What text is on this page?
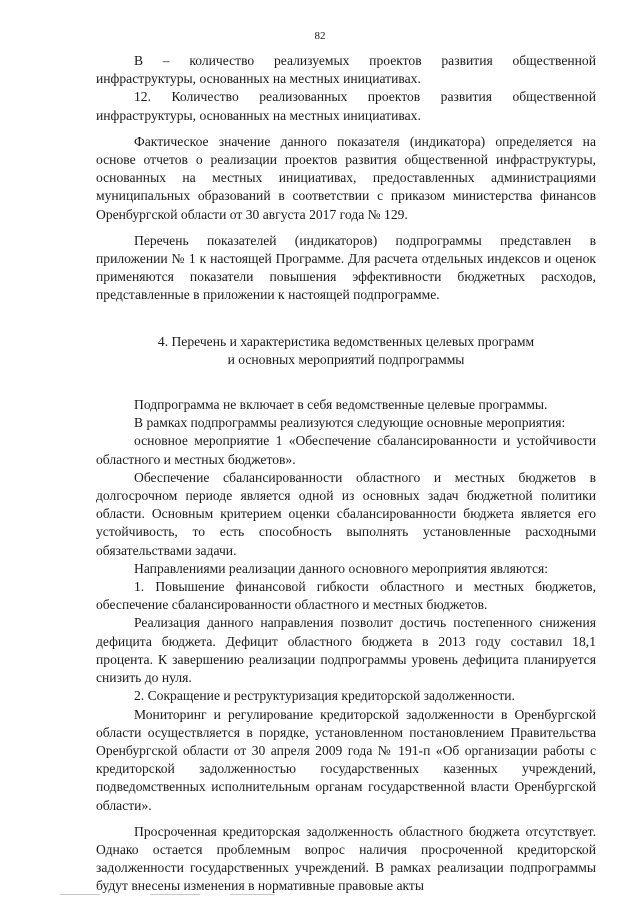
82

В – количество реализуемых проектов развития общественной инфраструктуры, основанных на местных инициативах.

12. Количество реализованных проектов развития общественной инфраструктуры, основанных на местных инициативах.

Фактическое значение данного показателя (индикатора) определяется на основе отчетов о реализации проектов развития общественной инфраструктуры, основанных на местных инициативах, предоставленных администрациями муниципальных образований в соответствии с приказом министерства финансов Оренбургской области от 30 августа 2017 года № 129.

Перечень показателей (индикаторов) подпрограммы представлен в приложении № 1 к настоящей Программе. Для расчета отдельных индексов и оценок применяются показатели повышения эффективности бюджетных расходов, представленные в приложении к настоящей подпрограмме.

4. Перечень и характеристика ведомственных целевых программ
и основных мероприятий подпрограммы

Подпрограмма не включает в себя ведомственные целевые программы.

В рамках подпрограммы реализуются следующие основные мероприятия:

основное мероприятие 1 «Обеспечение сбалансированности и устойчивости областного и местных бюджетов».

Обеспечение сбалансированности областного и местных бюджетов в долгосрочном периоде является одной из основных задач бюджетной политики области. Основным критерием оценки сбалансированности бюджета является его устойчивость, то есть способность выполнять установленные расходными обязательствами задачи.

Направлениями реализации данного основного мероприятия являются:

1. Повышение финансовой гибкости областного и местных бюджетов, обеспечение сбалансированности областного и местных бюджетов.

Реализация данного направления позволит достичь постепенного снижения дефицита бюджета. Дефицит областного бюджета в 2013 году составил 18,1 процента. К завершению реализации подпрограммы уровень дефицита планируется снизить до нуля.

2. Сокращение и реструктуризация кредиторской задолженности.

Мониторинг и регулирование кредиторской задолженности в Оренбургской области осуществляется в порядке, установленном постановлением Правительства Оренбургской области от 30 апреля 2009 года № 191-п «Об организации работы с кредиторской задолженностью государственных казенных учреждений, подведомственных исполнительным органам государственной власти Оренбургской области».

Просроченная кредиторская задолженность областного бюджета отсутствует. Однако остается проблемным вопрос наличия просроченной кредиторской задолженности государственных учреждений. В рамках реализации подпрограммы будут внесены изменения в нормативные правовые акты
